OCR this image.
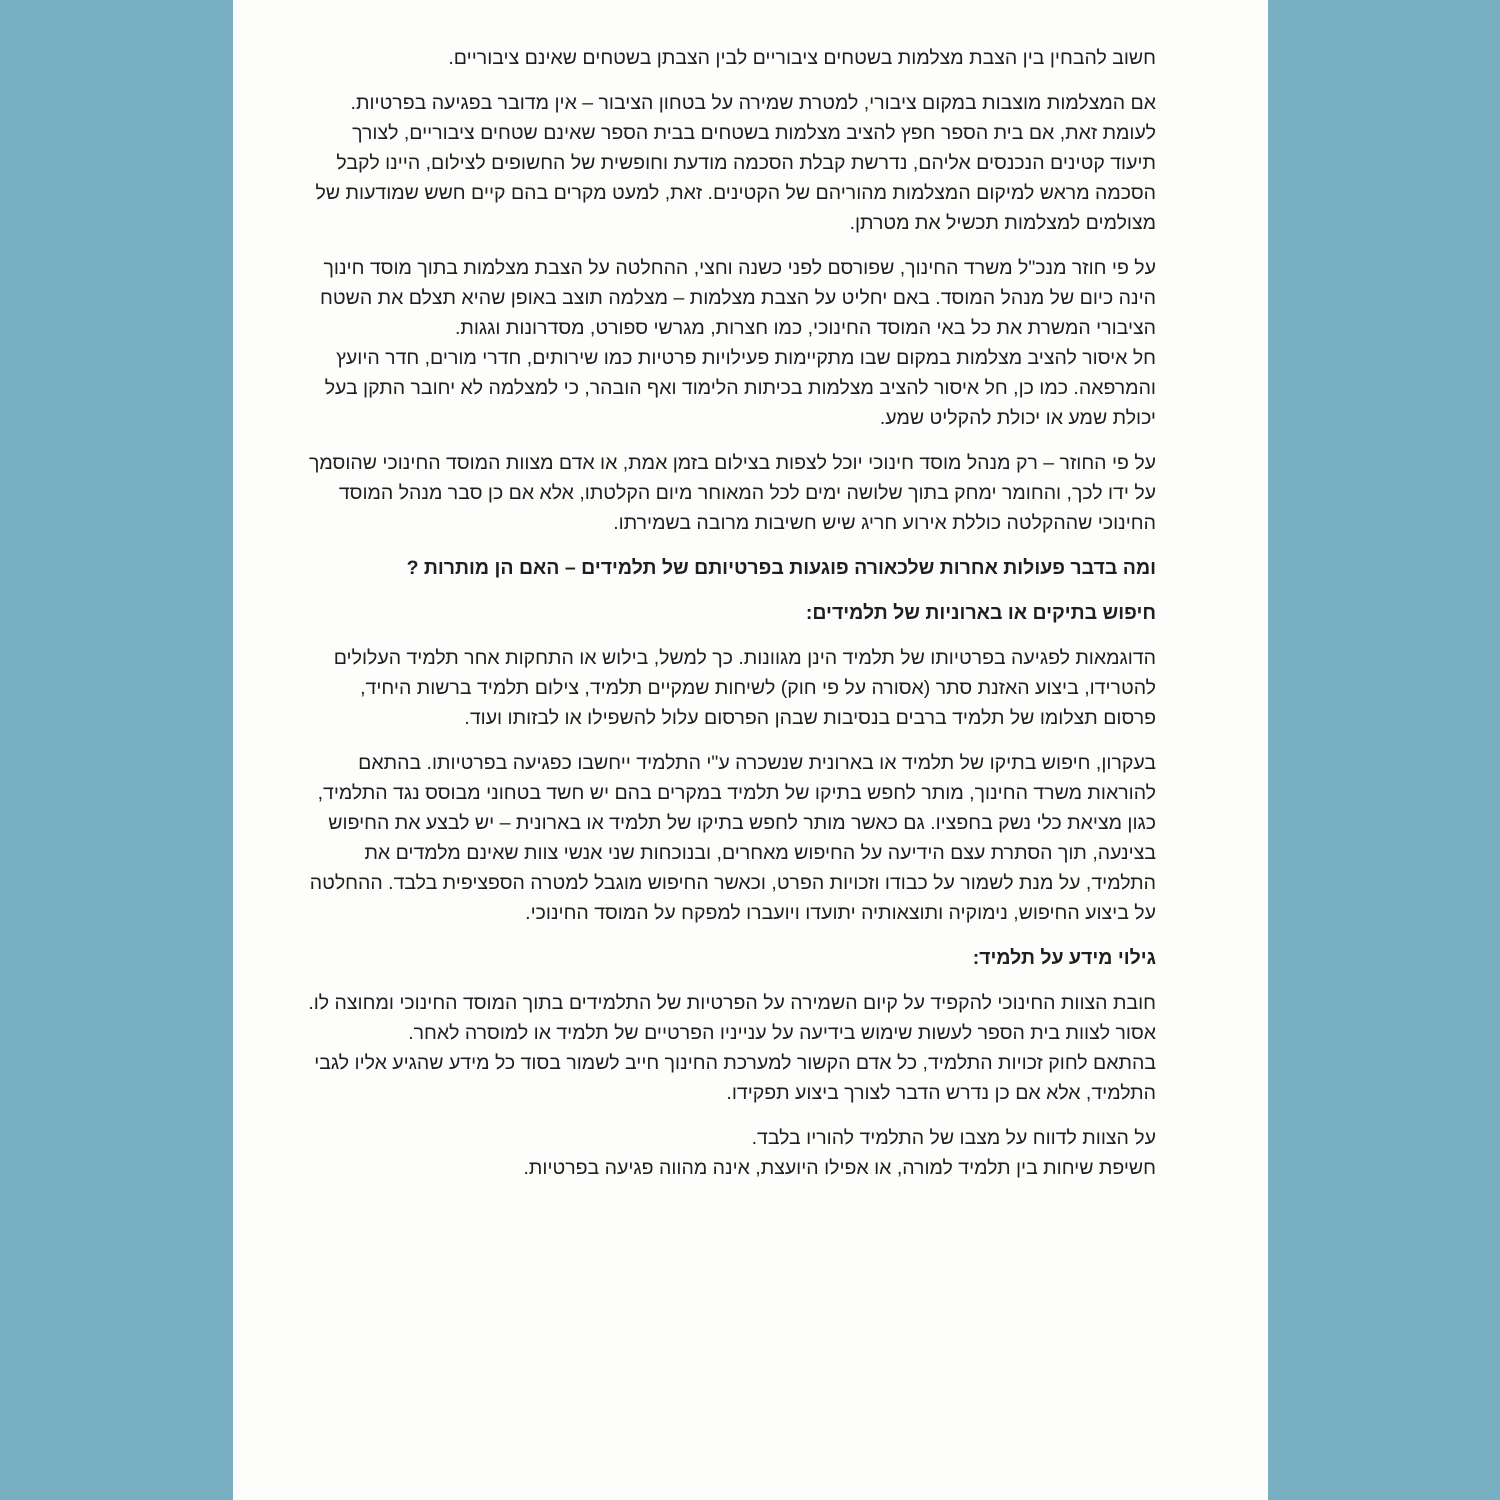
חשוב להבחין בין הצבת מצלמות בשטחים ציבוריים לבין הצבתן בשטחים שאינם ציבוריים.

אם המצלמות מוצבות במקום ציבורי, למטרת שמירה על בטחון הציבור – אין מדובר בפגיעה בפרטיות.
לעומת זאת, אם בית הספר חפץ להציב מצלמות בשטחים בבית הספר שאינם שטחים ציבוריים, לצורך תיעוד קטינים הנכנסים אליהם, נדרשת קבלת הסכמה מודעת וחופשית של החשופים לצילום, היינו לקבל הסכמה מראש למיקום המצלמות מהוריהם של הקטינים. זאת, למעט מקרים בהם קיים חשש שמודעות של מצולמים למצלמות תכשיל את מטרתן.

על פי חוזר מנכ"ל משרד החינוך, שפורסם לפני כשנה וחצי, ההחלטה על הצבת מצלמות בתוך מוסד חינוך הינה כיום של מנהל המוסד. באם יחליט על הצבת מצלמות – מצלמה תוצב באופן שהיא תצלם את השטח הציבורי המשרת את כל באי המוסד החינוכי, כמו חצרות, מגרשי ספורט, מסדרונות וגגות.
חל איסור להציב מצלמות במקום שבו מתקיימות פעילויות פרטיות כמו שירותים, חדרי מורים, חדר היועץ והמרפאה. כמו כן, חל איסור להציב מצלמות בכיתות הלימוד ואף הובהר, כי למצלמה לא יחובר התקן בעל יכולת שמע או יכולת להקליט שמע.

על פי החוזר – רק מנהל מוסד חינוכי יוכל לצפות בצילום בזמן אמת, או אדם מצוות המוסד החינוכי שהוסמך על ידו לכך, והחומר ימחק בתוך שלושה ימים לכל המאוחר מיום הקלטתו, אלא אם כן סבר מנהל המוסד החינוכי שההקלטה כוללת אירוע חריג שיש חשיבות מרובה בשמירתו.

ומה בדבר פעולות אחרות שלכאורה פוגעות בפרטיותם של תלמידים – האם הן מותרות ?

חיפוש בתיקים או בארוניות של תלמידים:

הדוגמאות לפגיעה בפרטיותו של תלמיד הינן מגוונות. כך למשל, בילוש או התחקות אחר תלמיד העלולים להטרידו, ביצוע האזנת סתר (אסורה על פי חוק) לשיחות שמקיים תלמיד, צילום תלמיד ברשות היחיד, פרסום תצלומו של תלמיד ברבים בנסיבות שבהן הפרסום עלול להשפילו או לבזותו ועוד.

בעקרון, חיפוש בתיקו של תלמיד או בארונית שנשכרה ע"י התלמיד ייחשבו כפגיעה בפרטיותו. בהתאם להוראות משרד החינוך, מותר לחפש בתיקו של תלמיד במקרים בהם יש חשד בטחוני מבוסס נגד התלמיד, כגון מציאת כלי נשק בחפציו. גם כאשר מותר לחפש בתיקו של תלמיד או בארונית – יש לבצע את החיפוש בצינעה, תוך הסתרת עצם הידיעה על החיפוש מאחרים, ובנוכחות שני אנשי צוות שאינם מלמדים את התלמיד, על מנת לשמור על כבודו וזכויות הפרט, וכאשר החיפוש מוגבל למטרה הספציפית בלבד. ההחלטה על ביצוע החיפוש, נימוקיה ותוצאותיה יתועדו ויועברו למפקח על המוסד החינוכי.

גילוי מידע על תלמיד:

חובת הצוות החינוכי להקפיד על קיום השמירה על הפרטיות של התלמידים בתוך המוסד החינוכי ומחוצה לו.
אסור לצוות בית הספר לעשות שימוש בידיעה על ענייניו הפרטיים של תלמיד או למוסרה לאחר.
בהתאם לחוק זכויות התלמיד, כל אדם הקשור למערכת החינוך חייב לשמור בסוד כל מידע שהגיע אליו לגבי התלמיד, אלא אם כן נדרש הדבר לצורך ביצוע תפקידו.

על הצוות לדווח על מצבו של התלמיד להוריו בלבד.
חשיפת שיחות בין תלמיד למורה, או אפילו היועצת, אינה מהווה פגיעה בפרטיות.
